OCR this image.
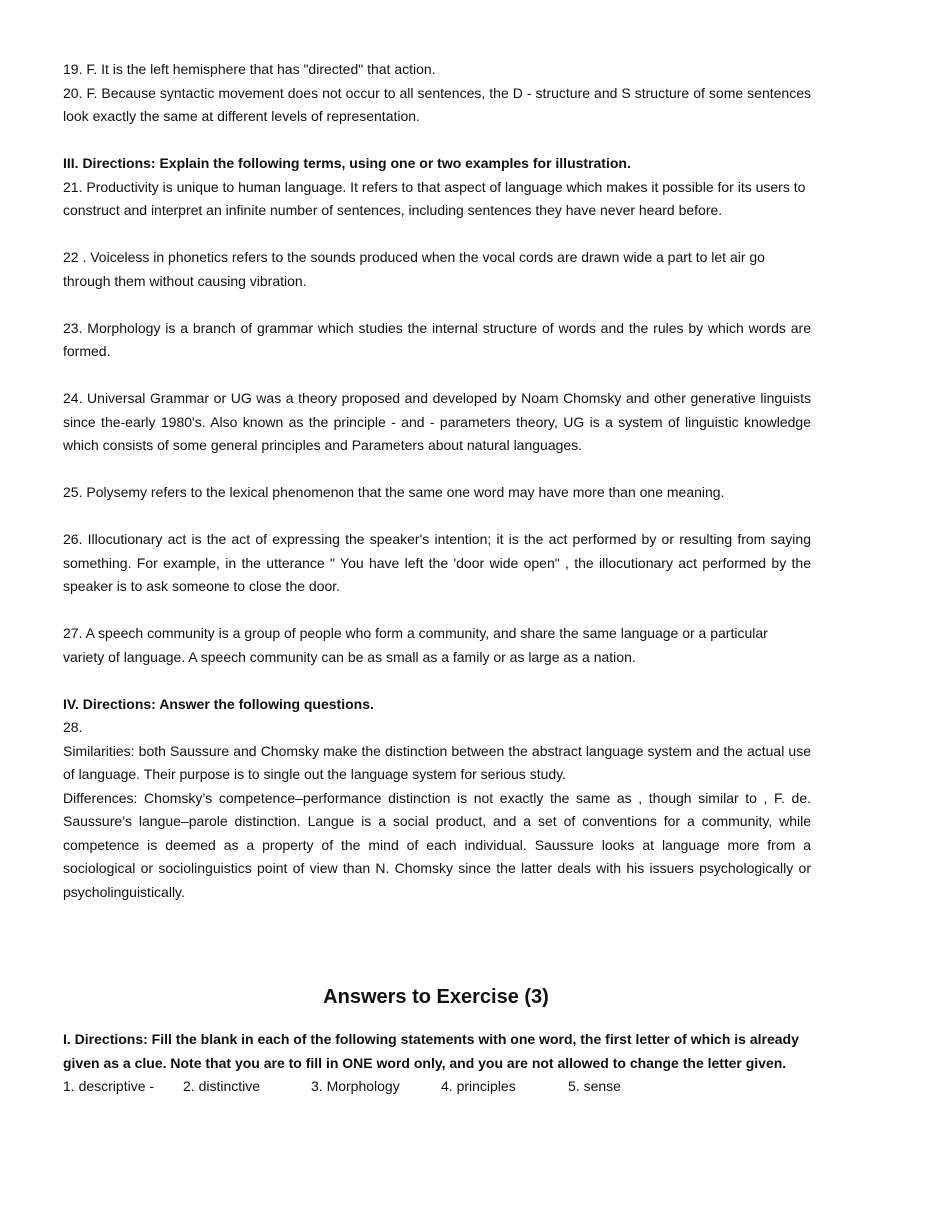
19. F. It is the left hemisphere that has "directed" that action.

20. F. Because syntactic movement does not occur to all sentences, the D - structure and S structure of some sentences look exactly the same at different levels of representation.

III. Directions: Explain the following terms, using one or two examples for illustration.

21. Productivity is unique to human language. It refers to that aspect of language which makes it possible for its users to construct and interpret an infinite number of sentences, including sentences they have never heard before.

22 . Voiceless in phonetics refers to the sounds produced when the vocal cords are drawn wide a part to let air go through them without causing vibration.

23. Morphology is a branch of grammar which studies the internal structure of words and the rules by which words are formed.

24. Universal Grammar or UG was a theory proposed and developed by Noam Chomsky and other generative linguists since the-early 1980's. Also known as the principle - and - parameters theory, UG is a system of linguistic knowledge which consists of some general principles and Parameters about natural languages.

25. Polysemy refers to the lexical phenomenon that the same one word may have more than one meaning.

26. Illocutionary act is the act of expressing the speaker's intention; it is the act performed by or resulting from saying something. For example, in the utterance " You have left the 'door wide open" , the illocutionary act performed by the speaker is to ask someone to close the door.

27. A speech community is a group of people who form a community, and share the same language or a particular variety of language. A speech community can be as small as a family or as large as a nation.

IV. Directions: Answer the following questions.

28.

Similarities: both Saussure and Chomsky make the distinction between the abstract language system and the actual use of language. Their purpose is to single out the language system for serious study.

Differences: Chomsky’s competence–performance distinction is not exactly the same as , though similar to , F. de. Saussure’s langue–parole distinction. Langue is a social product, and a set of conventions for a community, while competence is deemed as a property of the mind of each individual. Saussure looks at language more from a sociological or sociolinguistics point of view than N. Chomsky since the latter deals with his issuers psychologically or psycholinguistically.

Answers to Exercise (3)

I. Directions: Fill the blank in each of the following statements with one word, the first letter of which is already given as a clue. Note that you are to fill in ONE word only, and you are not allowed to change the letter given.

1. descriptive - 2. distinctive	3. Morphology	4. principles	5. sense
